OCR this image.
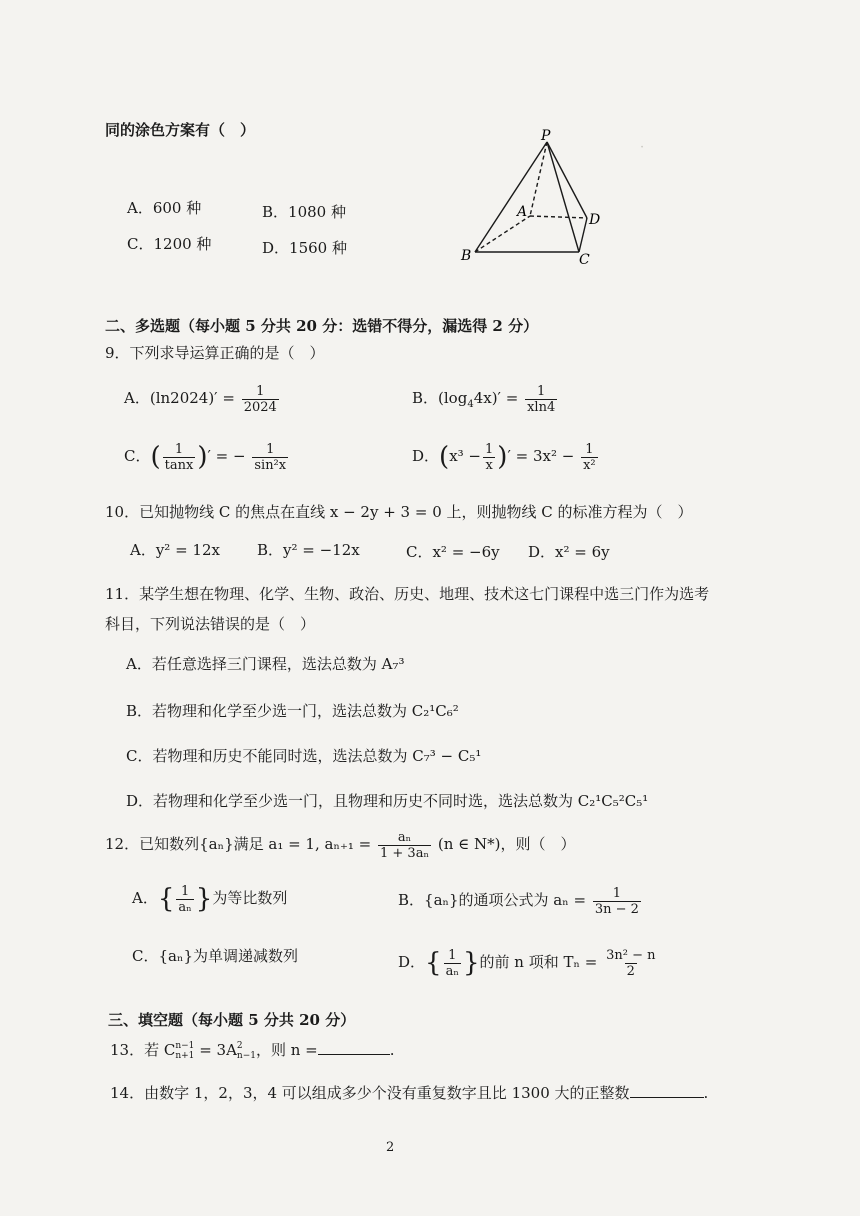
·
同的涂色方案有（　）
A．600 种	B．1080 种
C．1200 种	D．1560 种
P
A	D
B	C
二、多选题（每小题 5 分共 20 分：选错不得分，漏选得 2 分）
9．下列求导运算正确的是（　）
A．$(\ln 2024)' = \frac{1}{2024}$	B．$(\log_44x)' = \frac{1}{xln4}$
C．( $\frac{1}{\tan x}$ )′ = − $\frac{1}{\text{sin²x}}$	D．($x^3 - \frac{1}{x}$ )′ = $3x^2 - \frac{1}{\text{x²}}$
10．已知抛物线 C 的焦点在直线 x − 2y + 3 = 0 上，则抛物线 C 的标准方程为（　）
A．y² = 12x B．y² = −12x	C．x² = −6y D．x² = 6y
11．某学生想在物理、化学、生物、政治、历史、地理、技术这七门课程中选三门作为选考
科目，下列说法错误的是（　）
A．若任意选择三门课程，选法总数为 A₇³
B．若物理和化学至少选一门，选法总数为 C₂¹C₆²
C．若物理和历史不能同时选，选法总数为 C₇³ − C₅¹
D．若物理和化学至少选一门，且物理和历史不同时选，选法总数为 C₂¹C₅²C₅¹
12．已知数列{aₙ}满足 a₁ = 1, $a_{n+1} = \frac{\text{aₙ}}{\text{1 + 3aₙ}} (n$ ∈ N*)，则（　）
A．{ $\frac{1}{\text{aₙ}}$ }为等比数列	B．{aₙ}的通项公式为 $a_n = \frac{1}{3n - 2}$
C．{aₙ}为单调递减数列	D．{ $\frac{1}{\text{aₙ}}$ }的前 n 项和 $T_n = \frac{\text{3n² − n}}{2}$
三、填空题（每小题 5 分共 20 分）
13．若 C n−1
n+1 = 3A 2
n−1 ，则 n =	.
14．由数字 1，2，3，4 可以组成多少个没有重复数字且比 1300 大的正整数	.
2
